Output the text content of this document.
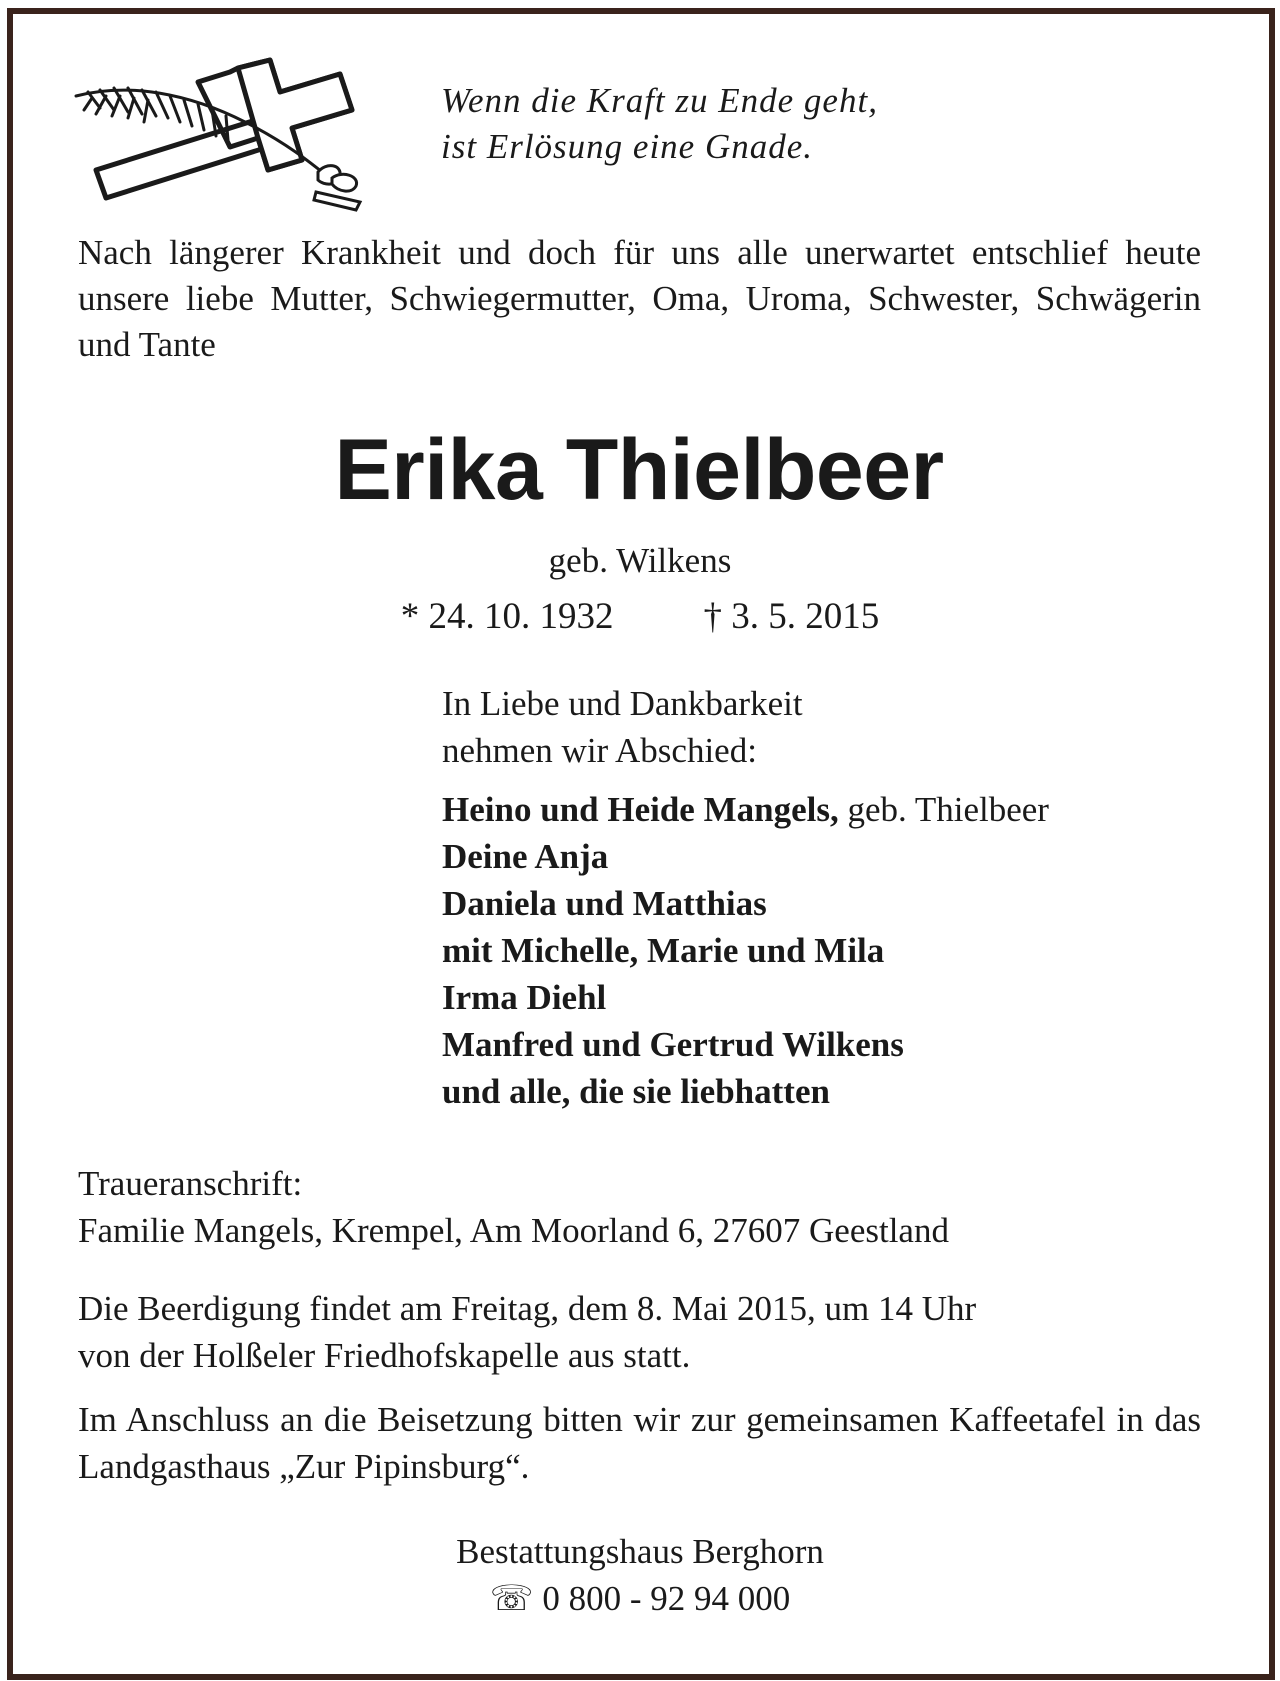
Wenn die Kraft zu Ende geht,
ist Erlösung eine Gnade.
Nach längerer Krankheit und doch für uns alle unerwartet entschlief heute unsere liebe Mutter, Schwiegermutter, Oma, Uroma, Schwester, Schwägerin und Tante
Erika Thielbeer
geb. Wilkens
* 24. 10. 1932 † 3. 5. 2015
In Liebe und Dankbarkeit
nehmen wir Abschied:
Heino und Heide Mangels, geb. Thielbeer
Deine Anja
Daniela und Matthias
mit Michelle, Marie und Mila
Irma Diehl
Manfred und Gertrud Wilkens
und alle, die sie liebhatten
Traueranschrift:
Familie Mangels, Krempel, Am Moorland 6, 27607 Geestland
Die Beerdigung findet am Freitag, dem 8. Mai 2015, um 14 Uhr
von der Holßeler Friedhofskapelle aus statt.
Im Anschluss an die Beisetzung bitten wir zur gemeinsamen Kaffeetafel in das Landgasthaus „Zur Pipinsburg“.
Bestattungshaus Berghorn
☏ 0 800 - 92 94 000
